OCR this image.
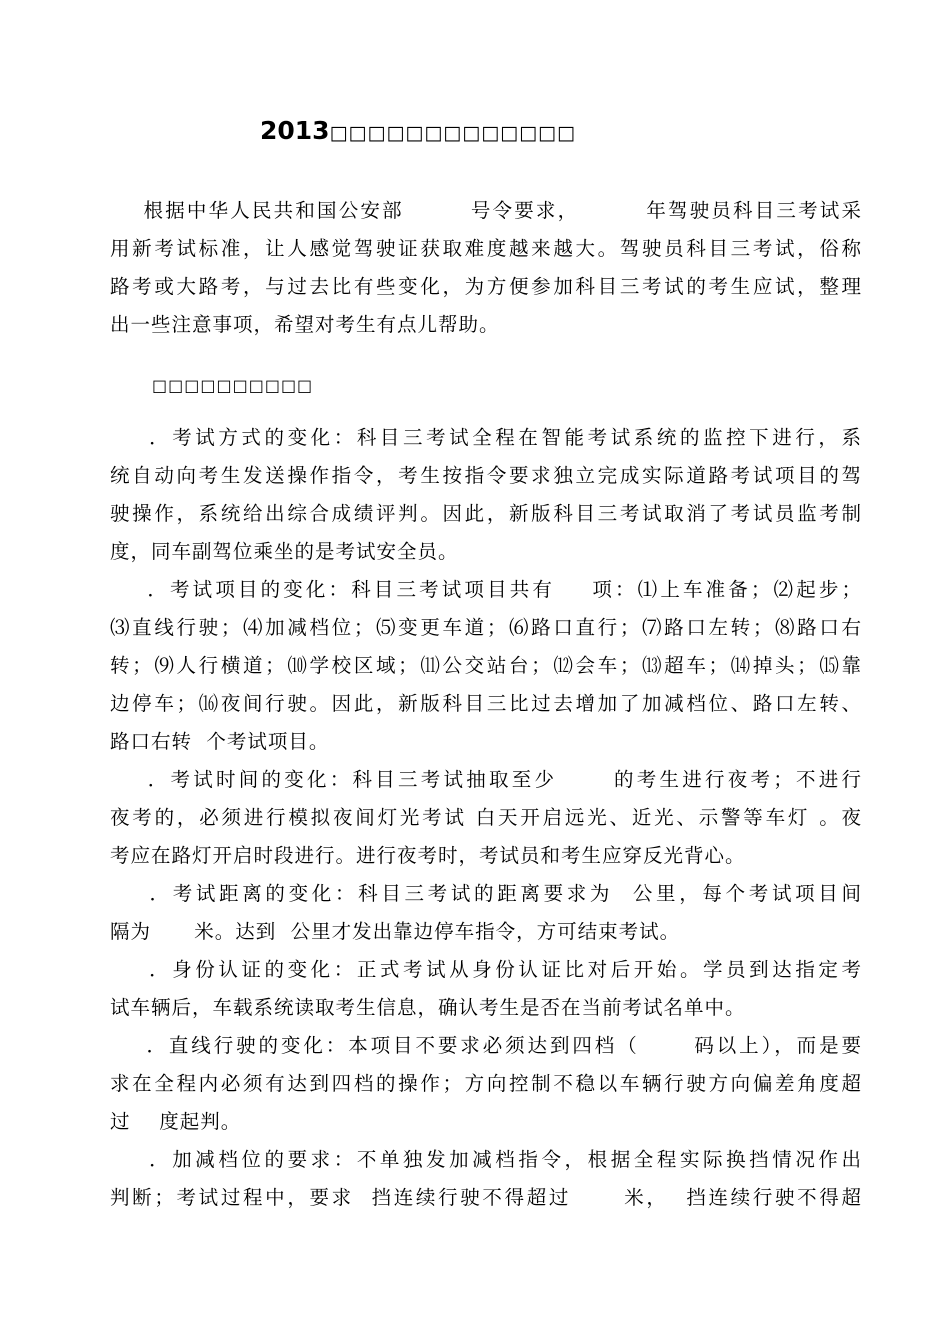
2013□□□□□□□□□□□□□
根据中华人民共和国公安部        号令要求，        年驾驶员科目三考试采
用新考试标准，让人感觉驾驶证获取难度越来越大。驾驶员科目三考试，俗称
路考或大路考，与过去比有些变化，为方便参加科目三考试的考生应试，整理
出一些注意事项，希望对考生有点儿帮助。
□□□□□□□□□□
．考试方式的变化：科目三考试全程在智能考试系统的监控下进行，系
统自动向考生发送操作指令，考生按指令要求独立完成实际道路考试项目的驾
驶操作，系统给出综合成绩评判。因此，新版科目三考试取消了考试员监考制
度，同车副驾位乘坐的是考试安全员。
．考试项目的变化：科目三考试项目共有    项：⑴上车准备；⑵起步；
⑶直线行驶；⑷加减档位；⑸变更车道；⑹路口直行；⑺路口左转；⑻路口右
转；⑼人行横道；⑽学校区域；⑾公交站台；⑿会车；⒀超车；⒁掉头；⒂靠
边停车；⒃夜间行驶。因此，新版科目三比过去增加了加减档位、路口左转、
路口右转  个考试项目。
．考试时间的变化：科目三考试抽取至少      的考生进行夜考；不进行
夜考的，必须进行模拟夜间灯光考试 白天开启远光、近光、示警等车灯 。夜
考应在路灯开启时段进行。进行夜考时，考试员和考生应穿反光背心。
．考试距离的变化：科目三考试的距离要求为  公里，每个考试项目间
隔为      米。达到  公里才发出靠边停车指令，方可结束考试。
．身份认证的变化：正式考试从身份认证比对后开始。学员到达指定考
试车辆后，车载系统读取考生信息，确认考生是否在当前考试名单中。
．直线行驶的变化：本项目不要求必须达到四档（      码以上），而是要
求在全程内必须有达到四档的操作；方向控制不稳以车辆行驶方向偏差角度超
过    度起判。
．加减档位的要求：不单独发加减档指令，根据全程实际换挡情况作出
判断；考试过程中，要求  挡连续行驶不得超过      米，  挡连续行驶不得超
